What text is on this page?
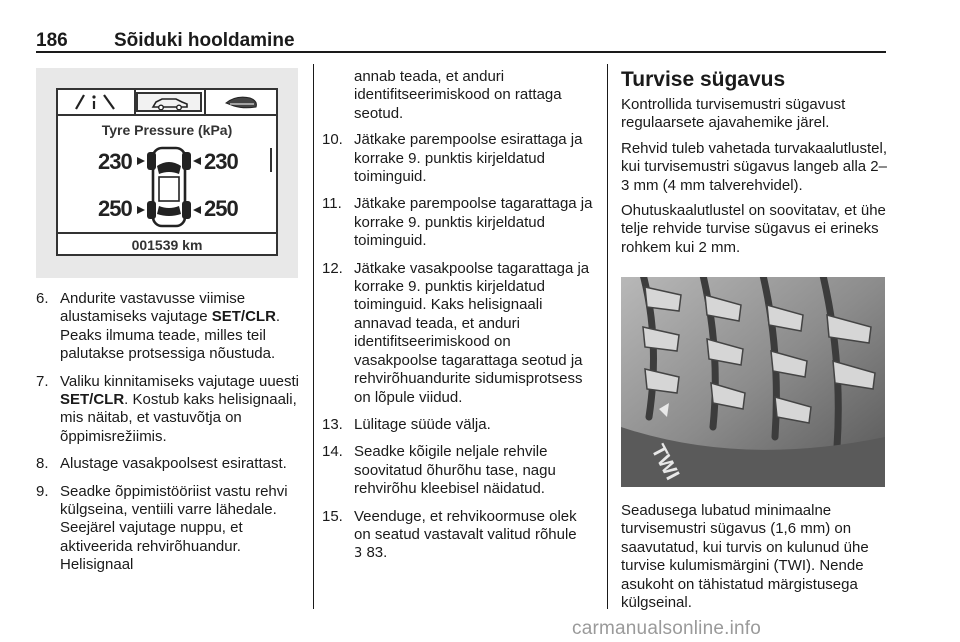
186 Sõiduki hooldamine
Tyre Pressure (kPa)
230	230
250	250
001539 km
6. Andurite vastavusse viimise alustamiseks vajutage SET/CLR. Peaks ilmuma teade, milles teil palutakse protsessiga nõustuda.
7. Valiku kinnitamiseks vajutage uuesti SET/CLR. Kostub kaks helisignaali, mis näitab, et vastuvõtja on õppimisrežiimis.
8. Alustage vasakpoolsest esirattast.
9. Seadke õppimistööriist vastu rehvi külgseina, ventiili varre lähedale. Seejärel vajutage nuppu, et aktiveerida rehvirõhuandur. Helisignaal
annab teada, et anduri identifitseerimiskood on rattaga seotud.
10. Jätkake parempoolse esirattaga ja korrake 9. punktis kirjeldatud toiminguid.
11. Jätkake parempoolse tagarattaga ja korrake 9. punktis kirjeldatud toiminguid.
12. Jätkake vasakpoolse tagarattaga ja korrake 9. punktis kirjeldatud toiminguid. Kaks helisignaali annavad teada, et anduri identifitseerimiskood on vasakpoolse tagarattaga seotud ja rehvirõhuandurite sidumisprotsess on lõpule viidud.
13. Lülitage süüde välja.
14. Seadke kõigile neljale rehvile soovitatud õhurõhu tase, nagu rehvirõhu kleebisel näidatud.
15. Veenduge, et rehvikoormuse olek on seatud vastavalt valitud rõhule
3 83.
Turvise sügavus

Kontrollida turvisemustri sügavust regulaarsete ajavahemike järel.

Rehvid tuleb vahetada turvakaalutlustel, kui turvisemustri sügavus langeb alla 2–3 mm (4 mm talverehvidel).

Ohutuskaalutlustel on soovitatav, et ühe telje rehvide turvise sügavus ei erineks rohkem kui 2 mm.

TWI
Seadusega lubatud minimaalne turvisemustri sügavus (1,6 mm) on saavutatud, kui turvis on kulunud ühe turvise kulumismärgini (TWI). Nende asukoht on tähistatud märgistusega külgseinal.
carmanualsonline.info
